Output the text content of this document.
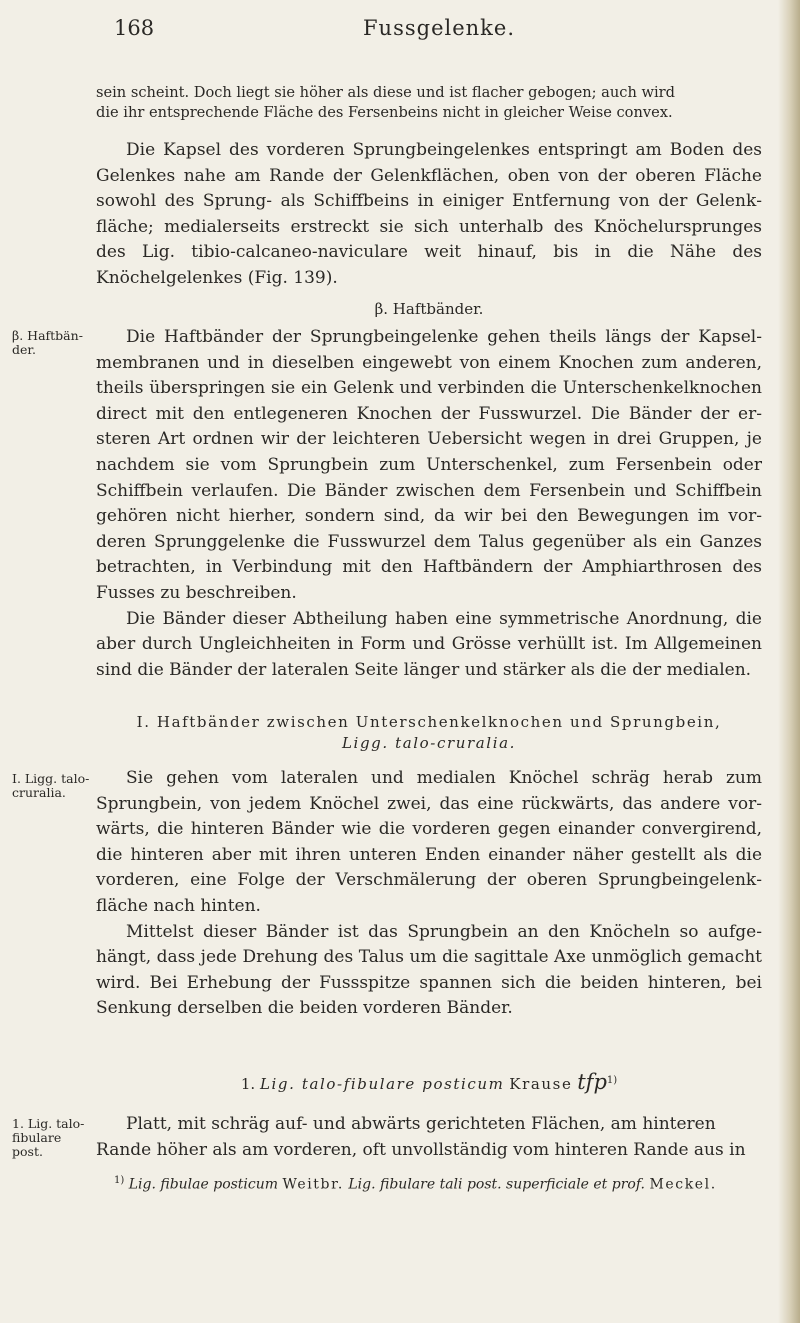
168	Fussgelenke.
sein scheint. Doch liegt sie höher als diese und ist flacher gebogen; auch wird
die ihr entsprechende Fläche des Fersenbeins nicht in gleicher Weise convex.

Die Kapsel des vorderen Sprungbeingelenkes entspringt am Boden des Gelenkes nahe am Rande der Gelenkflächen, oben von der oberen Fläche sowohl des Sprung- als Schiffbeins in einiger Entfernung von der Gelenkfläche; medialerseits erstreckt sie sich unterhalb des Knöchelursprunges des Lig. tibio-calcaneo-naviculare weit hinauf, bis in die Nähe des Knöchelgelenkes (Fig. 139).

β. Haftbänder.
β. Haftbänder.

Die Haftbänder der Sprungbeingelenke gehen theils längs der Kapselmembranen und in dieselben eingewebt von einem Knochen zum anderen, theils überspringen sie ein Gelenk und verbinden die Unterschenkelknochen direct mit den entlegeneren Knochen der Fusswurzel. Die Bänder der ersteren Art ordnen wir der leichteren Uebersicht wegen in drei Gruppen, je nachdem sie vom Sprungbein zum Unterschenkel, zum Fersenbein oder Schiffbein verlaufen. Die Bänder zwischen dem Fersenbein und Schiffbein gehören nicht hierher, sondern sind, da wir bei den Bewegungen im vorderen Sprunggelenke die Fusswurzel dem Talus gegenüber als ein Ganzes betrachten, in Verbindung mit den Haftbändern der Amphiarthrosen des Fusses zu beschreiben.

Die Bänder dieser Abtheilung haben eine symmetrische Anordnung, die aber durch Ungleichheiten in Form und Grösse verhüllt ist. Im Allgemeinen sind die Bänder der lateralen Seite länger und stärker als die der medialen.

I. Haftbänder zwischen Unterschenkelknochen und Sprungbein,
Ligg. talo-cruralia.
I. Ligg. talo-cruralia.

Sie gehen vom lateralen und medialen Knöchel schräg herab zum Sprungbein, von jedem Knöchel zwei, das eine rückwärts, das andere vorwärts, die hinteren Bänder wie die vorderen gegen einander convergirend, die hinteren aber mit ihren unteren Enden einander näher gestellt als die vorderen, eine Folge der Verschmälerung der oberen Sprungbeingelenkfläche nach hinten.

Mittelst dieser Bänder ist das Sprungbein an den Knöcheln so aufgehängt, dass jede Drehung des Talus um die sagittale Axe unmöglich gemacht wird. Bei Erhebung der Fussspitze spannen sich die beiden hinteren, bei Senkung derselben die beiden vorderen Bänder.

1. Lig. talo-fibulare posticum Krause tfp$^{1)}$
1. Lig. talofibulare post.
Platt, mit schräg auf- und abwärts gerichteten Flächen, am hinteren
Rande höher als am vorderen, oft unvollständig vom hinteren Rande aus in
$^{1)}$ Lig. fibulae posticum Weitbr. Lig. fibulare tali post. superficiale et prof. Meckel.
